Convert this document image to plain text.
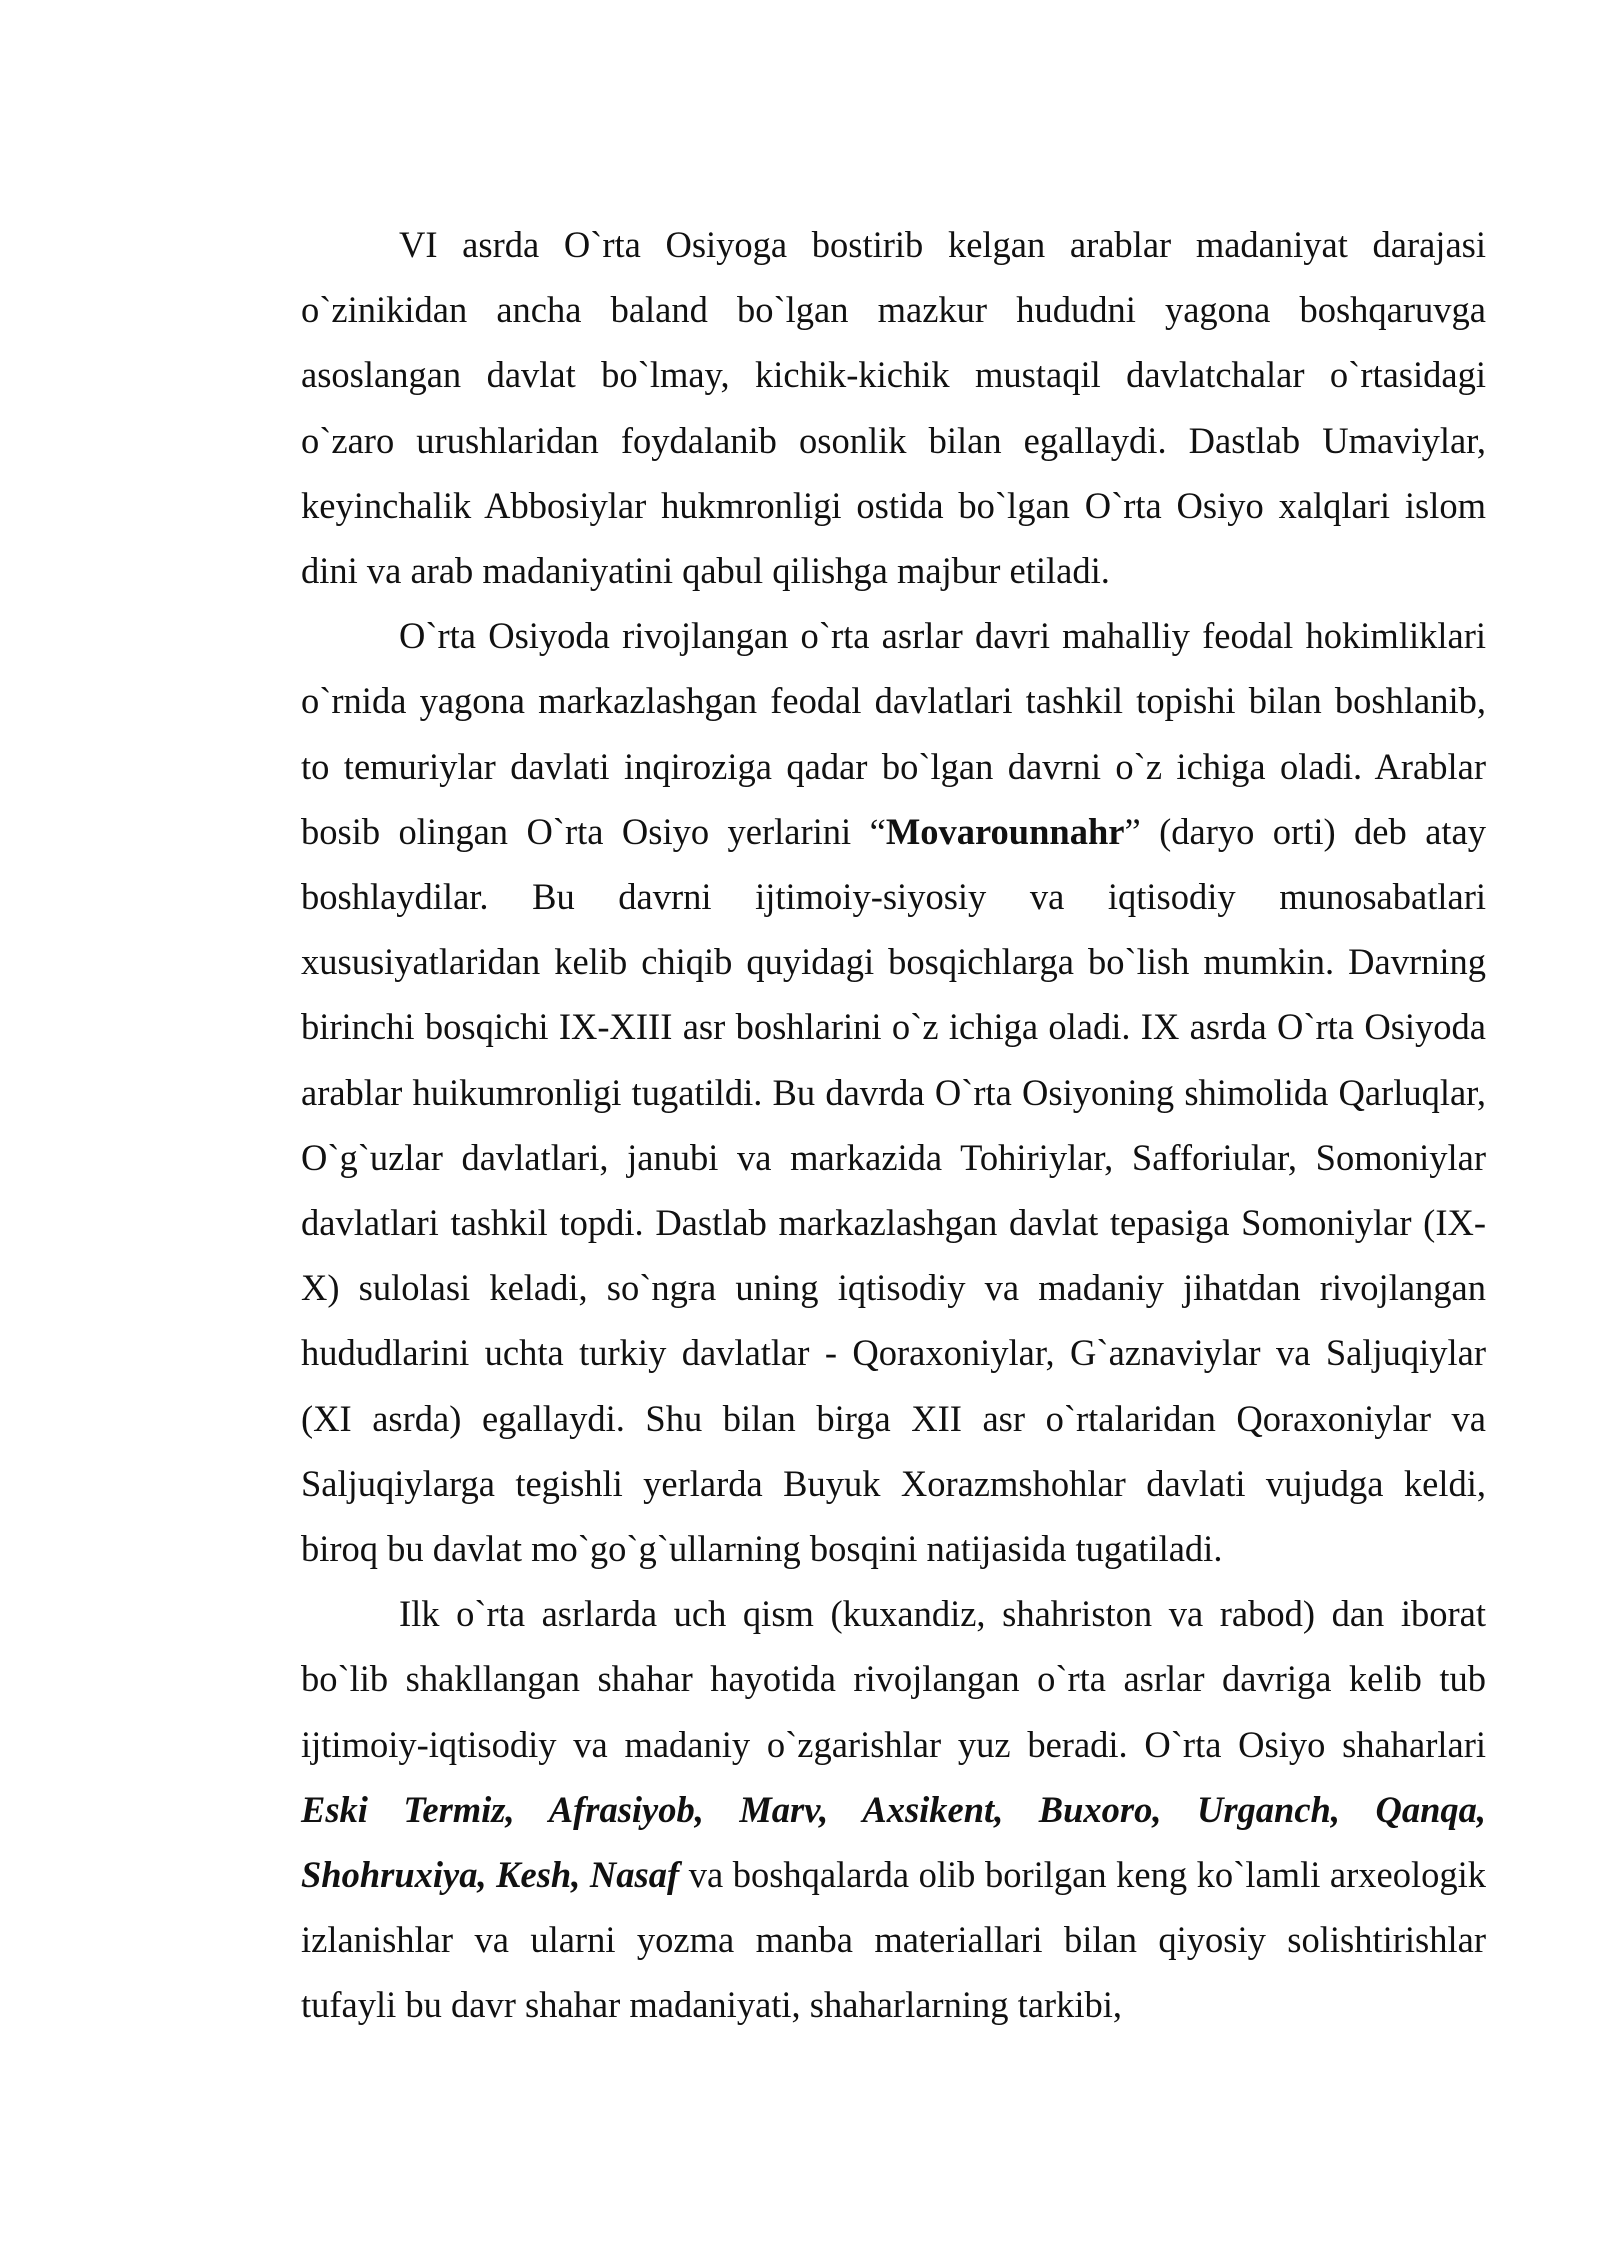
VI asrda O`rta Osiyoga bostirib kelgan arablar madaniyat darajasi o`zinikidan ancha baland bo`lgan mazkur hududni yagona boshqaruvga asoslangan davlat bo`lmay, kichik-kichik mustaqil davlatchalar o`rtasidagi o`zaro urushlaridan foydalanib osonlik bilan egallaydi. Dastlab Umaviylar, keyinchalik Abbosiylar hukmronligi ostida bo`lgan O`rta Osiyo xalqlari islom dini va arab madaniyatini qabul qilishga majbur etiladi.

O`rta Osiyoda rivojlangan o`rta asrlar davri mahalliy feodal hokimliklari o`rnida yagona markazlashgan feodal davlatlari tashkil topishi bilan boshlanib, to temuriylar davlati inqiroziga qadar bo`lgan davrni o`z ichiga oladi. Arablar bosib olingan O`rta Osiyo yerlarini “Movarounnahr” (daryo orti) deb atay boshlaydilar. Bu davrni ijtimoiy-siyosiy va iqtisodiy munosabatlari xususiyatlaridan kelib chiqib quyidagi bosqichlarga bo`lish mumkin. Davrning birinchi bosqichi IX-XIII asr boshlarini o`z ichiga oladi. IX asrda O`rta Osiyoda arablar huikumronligi tugatildi. Bu davrda O`rta Osiyoning shimolida Qarluqlar, O`g`uzlar davlatlari, janubi va markazida Tohiriylar, Safforiular, Somoniylar davlatlari tashkil topdi. Dastlab markazlashgan davlat tepasiga Somoniylar (IX-X) sulolasi keladi, so`ngra uning iqtisodiy va madaniy jihatdan rivojlangan hududlarini uchta turkiy davlatlar - Qoraxoniylar, G`aznaviylar va Saljuqiylar (XI asrda) egallaydi. Shu bilan birga XII asr o`rtalaridan Qoraxoniylar va Saljuqiylarga tegishli yerlarda Buyuk Xorazmshohlar davlati vujudga keldi, biroq bu davlat mo`go`g`ullarning bosqini natijasida tugatiladi.

Ilk o`rta asrlarda uch qism (kuxandiz, shahriston va rabod) dan iborat bo`lib shakllangan shahar hayotida rivojlangan o`rta asrlar davriga kelib tub ijtimoiy-iqtisodiy va madaniy o`zgarishlar yuz beradi. O`rta Osiyo shaharlari Eski Termiz, Afrasiyob, Marv, Axsikent, Buxoro, Urganch, Qanqa, Shohruxiya, Kesh, Nasaf va boshqalarda olib borilgan keng ko`lamli arxeologik izlanishlar va ularni yozma manba materiallari bilan qiyosiy solishtirishlar tufayli bu davr shahar madaniyati, shaharlarning tarkibi,
